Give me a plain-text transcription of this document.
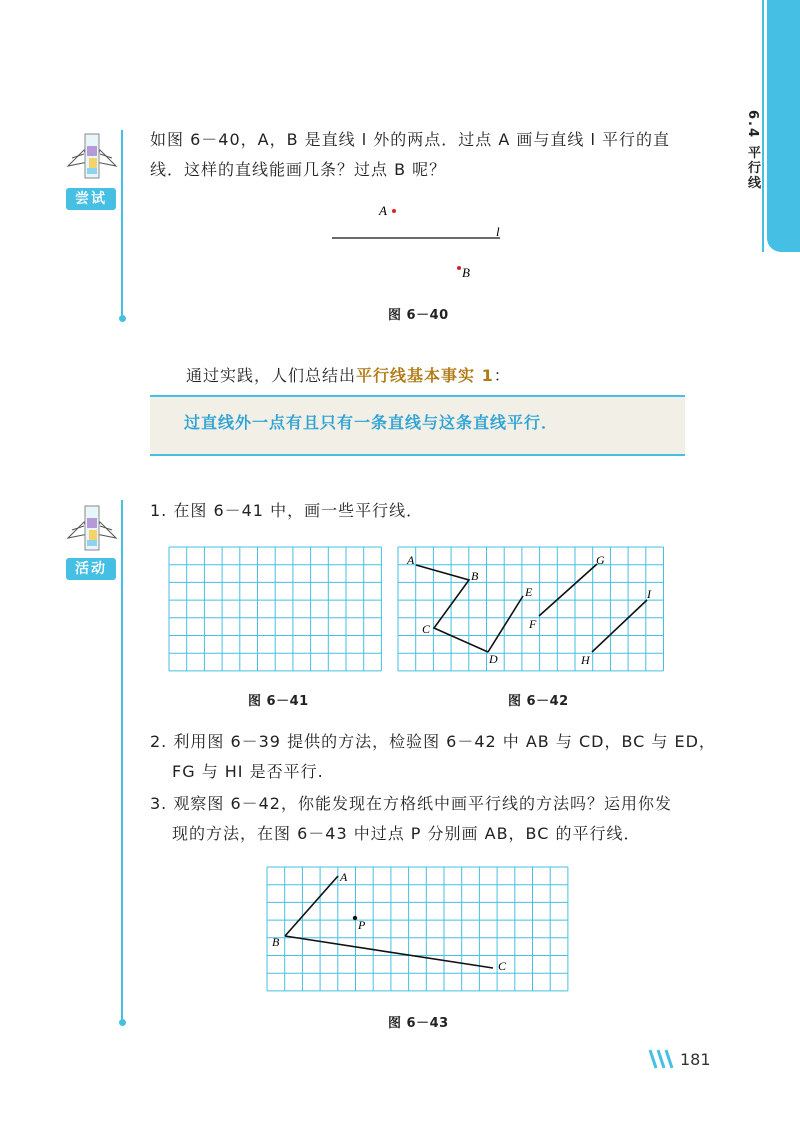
6.4 平行线
尝试
如图 6－40，A，B 是直线 l 外的两点．过点 A 画与直线 l 平行的直
线．这样的直线能画几条？过点 B 呢？
A
B
l
图 6－40
通过实践，人们总结出平行线基本事实 1：
过直线外一点有且只有一条直线与这条直线平行．
活动
1. 在图 6－41 中，画一些平行线．
图 6－41
A
B
C
D
E
F
G
H
I
图 6－42
2. 利用图 6－39 提供的方法，检验图 6－42 中 AB 与 CD，BC 与 ED，
FG 与 HI 是否平行.
3. 观察图 6－42，你能发现在方格纸中画平行线的方法吗？运用你发
现的方法，在图 6－43 中过点 P 分别画 AB，BC 的平行线．
A
B
C
P
图 6－43
181
